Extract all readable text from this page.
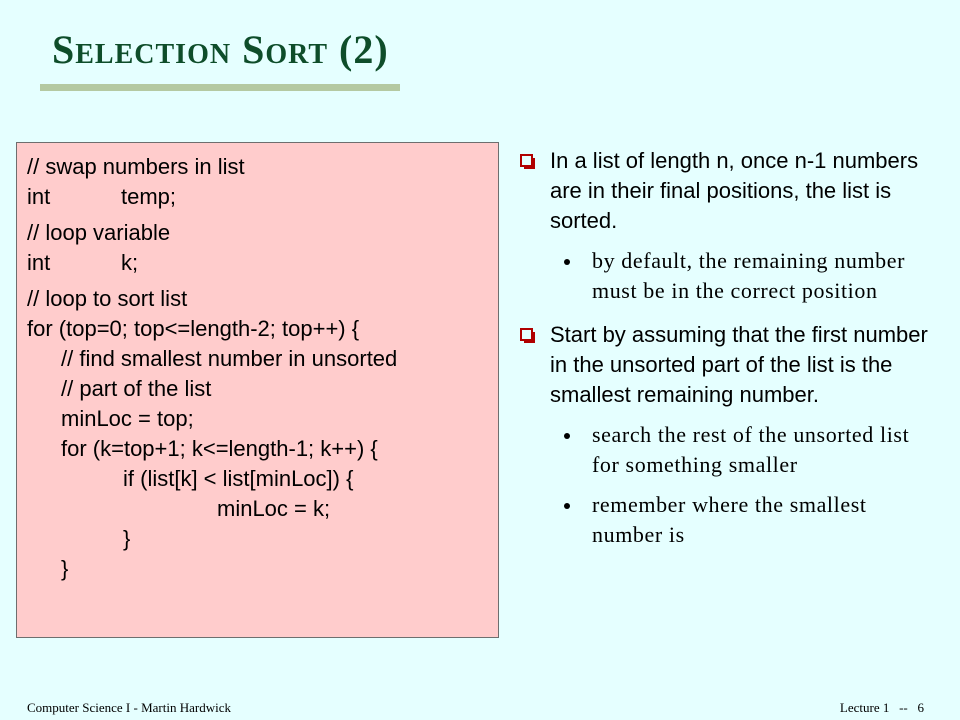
Selection Sort (2)
// swap numbers in list
int	temp;
// loop variable
int	k;
// loop to sort list
for (top=0; top<=length-2; top++) {
// find smallest number in unsorted
// part of the list
minLoc = top;
for (k=top+1; k<=length-1; k++) {
if (list[k] < list[minLoc]) {
minLoc = k;
}
}
In a list of length n, once n-1 numbers are in their final positions, the list is sorted.
by default, the remaining number must be in the correct position
Start by assuming that the first number in the unsorted part of the list is the smallest remaining number.
search the rest of the unsorted list for something smaller
remember where the smallest number is
Computer Science I - Martin Hardwick	Lecture 1   --   6
